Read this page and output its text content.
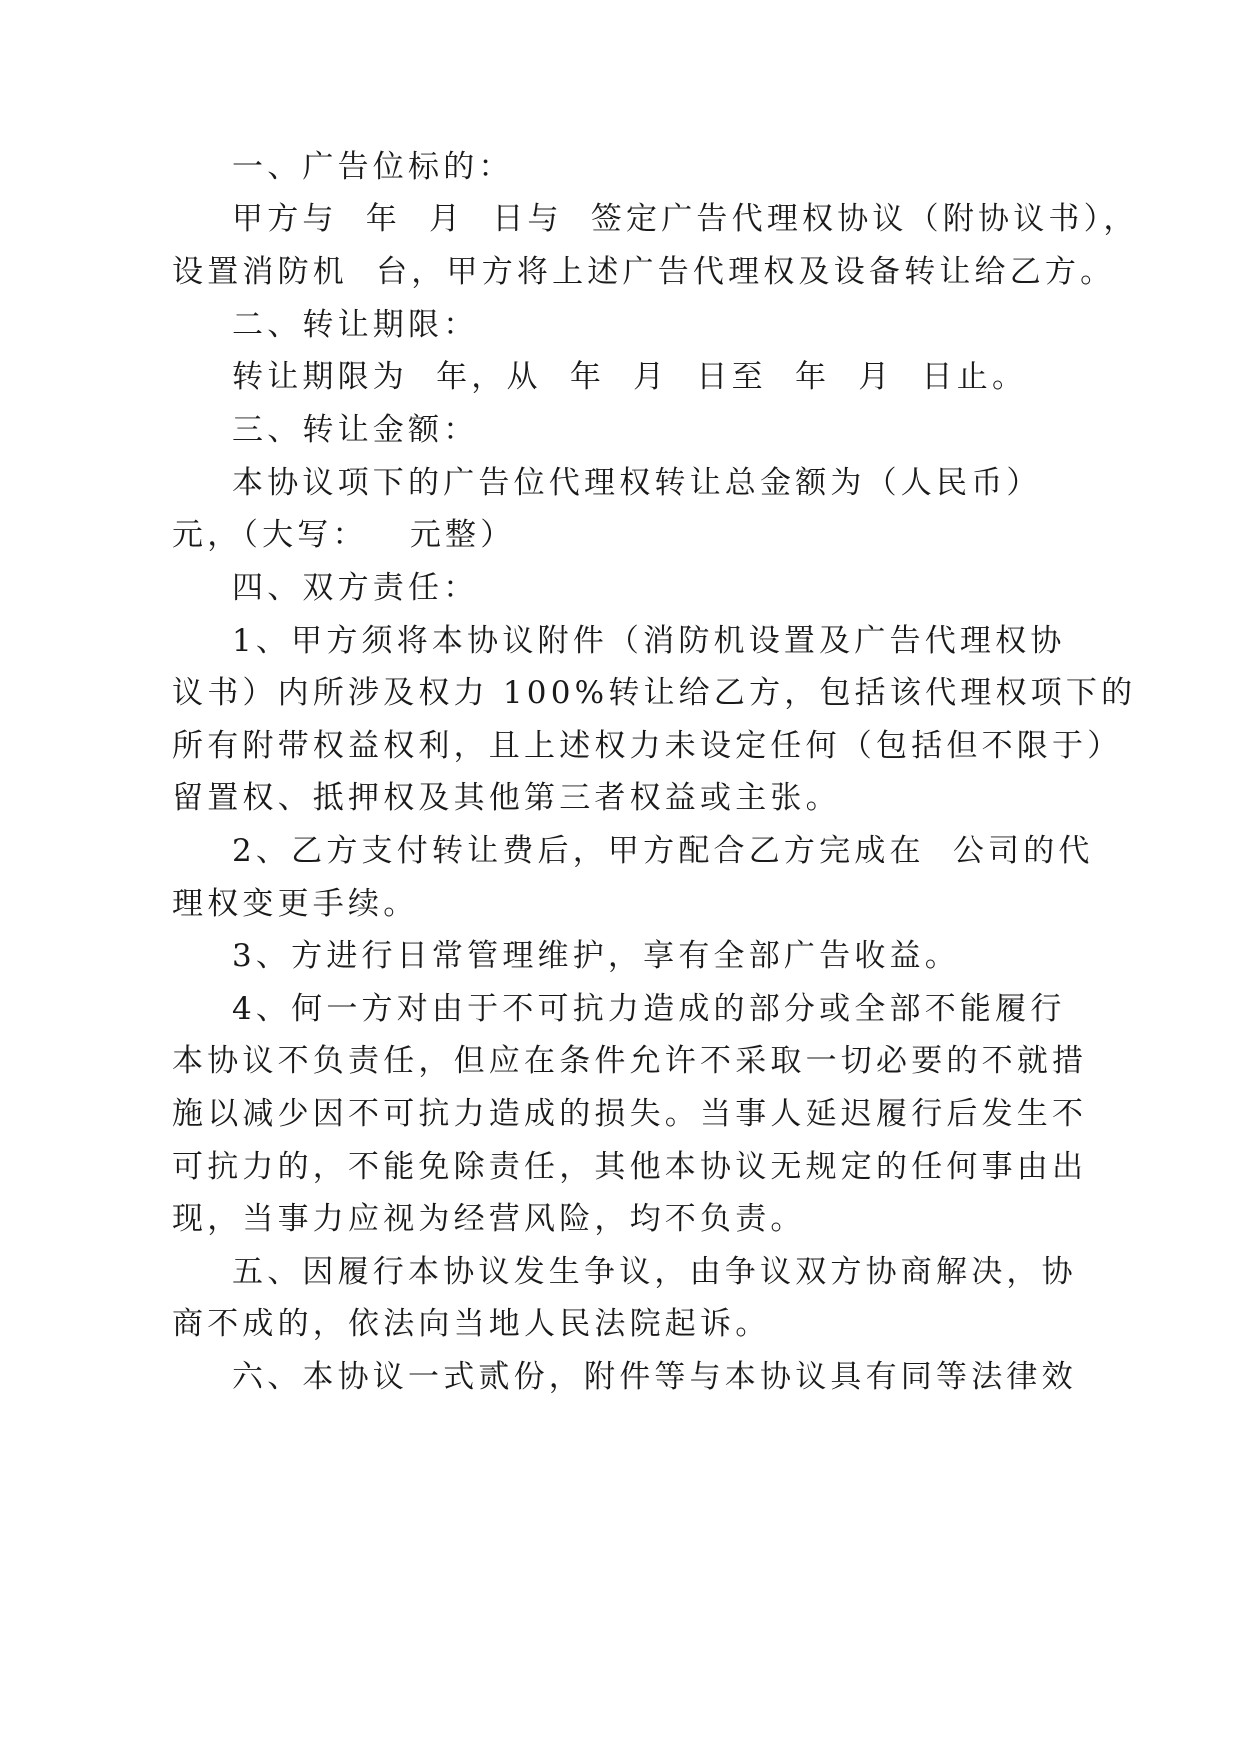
一、广告位标的：

甲方与  年  月  日与  签定广告代理权协议（附协议书），

设置消防机  台，甲方将上述广告代理权及设备转让给乙方。

二、转让期限：

转让期限为  年，从  年  月  日至  年  月  日止。

三、转让金额：

本协议项下的广告位代理权转让总金额为（人民币）

元，（大写：   元整）

四、双方责任：

1、甲方须将本协议附件（消防机设置及广告代理权协

议书）内所涉及权力 100%转让给乙方，包括该代理权项下的

所有附带权益权利，且上述权力未设定任何（包括但不限于）

留置权、抵押权及其他第三者权益或主张。

2、乙方支付转让费后，甲方配合乙方完成在  公司的代

理权变更手续。

3、方进行日常管理维护，享有全部广告收益。

4、何一方对由于不可抗力造成的部分或全部不能履行

本协议不负责任，但应在条件允许不采取一切必要的不就措

施以减少因不可抗力造成的损失。当事人延迟履行后发生不

可抗力的，不能免除责任，其他本协议无规定的任何事由出

现，当事力应视为经营风险，均不负责。

五、因履行本协议发生争议，由争议双方协商解决，协

商不成的，依法向当地人民法院起诉。

六、本协议一式贰份，附件等与本协议具有同等法律效
